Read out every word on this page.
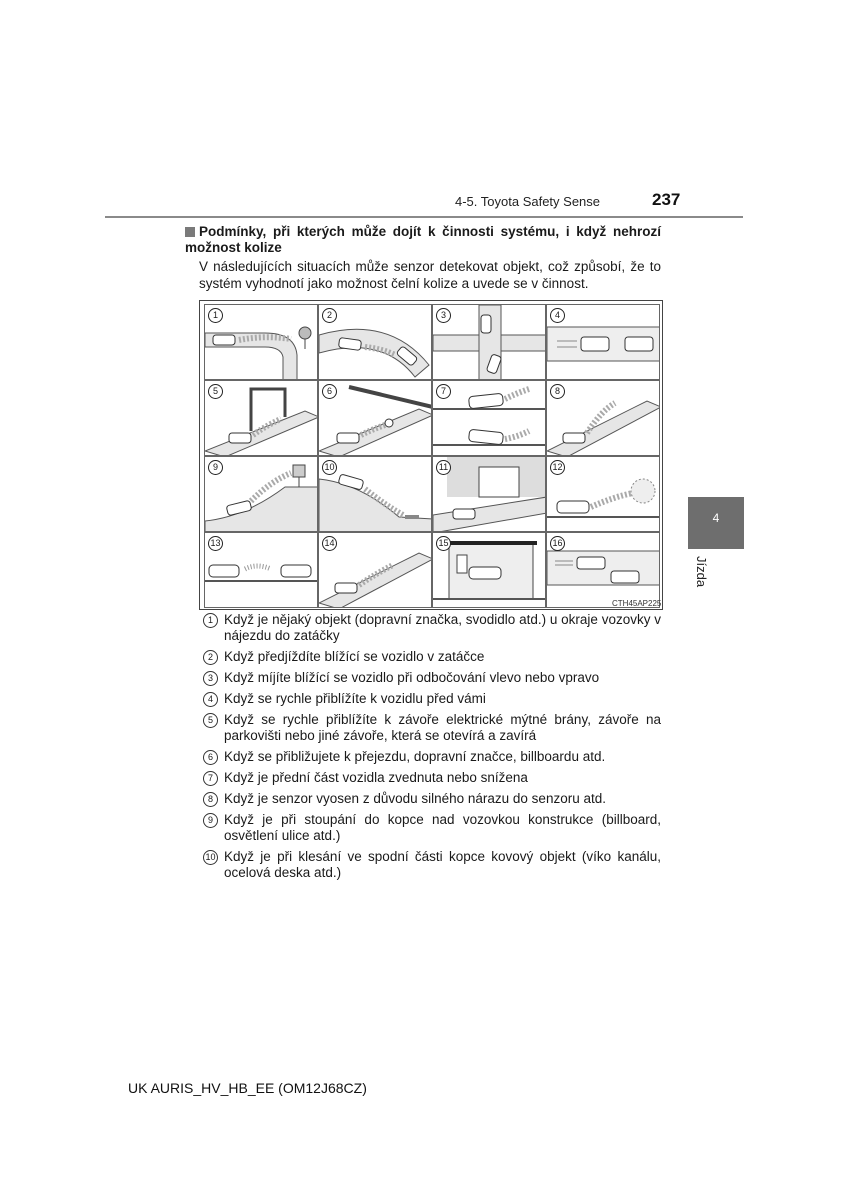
4-5. Toyota Safety Sense	237
4
Jízda
Podmínky, při kterých může dojít k činnosti systému, i když nehrozí možnost kolize
V následujících situacích může senzor detekovat objekt, což způsobí, že to systém vyhodnotí jako možnost čelní kolize a uvede se v činnost.
1	2	3	4
5	6	7	8
9	10	11	12
13	14	15	16
CTH45AP225
1 Když je nějaký objekt (dopravní značka, svodidlo atd.) u okraje vozovky v nájezdu do zatáčky
2 Když předjíždíte blížící se vozidlo v zatáčce
3 Když míjíte blížící se vozidlo při odbočování vlevo nebo vpravo
4 Když se rychle přiblížíte k vozidlu před vámi
5 Když se rychle přiblížíte k závoře elektrické mýtné brány, závoře na parkovišti nebo jiné závoře, která se otevírá a zavírá
6 Když se přibližujete k přejezdu, dopravní značce, billboardu atd.
7 Když je přední část vozidla zvednuta nebo snížena
8 Když je senzor vyosen z důvodu silného nárazu do senzoru atd.
9 Když je při stoupání do kopce nad vozovkou konstrukce (billboard, osvětlení ulice atd.)
10 Když je při klesání ve spodní části kopce kovový objekt (víko kanálu, ocelová deska atd.)
UK AURIS_HV_HB_EE (OM12J68CZ)
